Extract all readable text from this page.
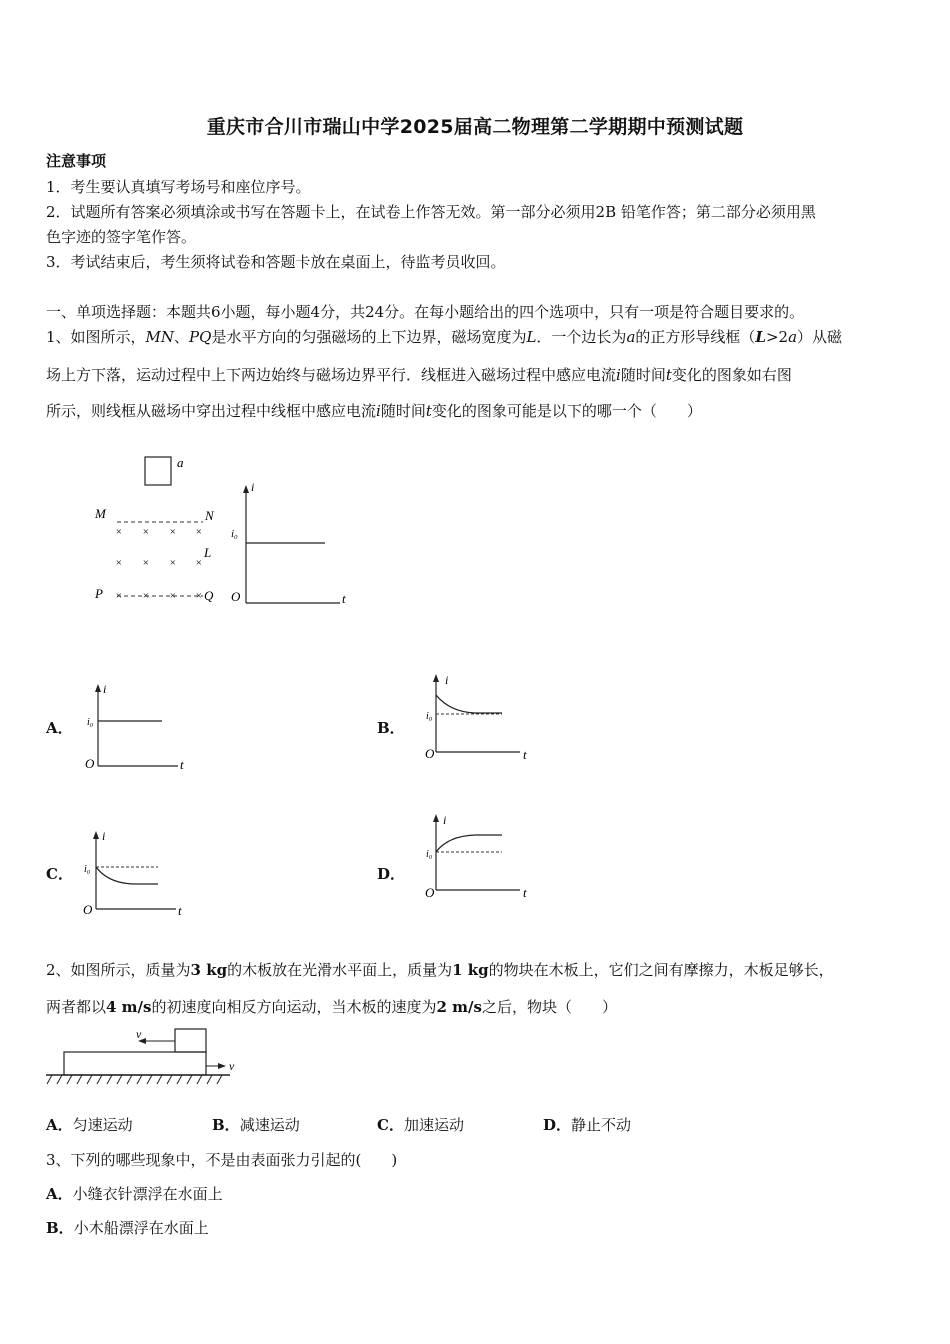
重庆市合川市瑞山中学2025届高二物理第二学期期中预测试题
注意事项
1．考生要认真填写考场号和座位序号。
2．试题所有答案必须填涂或书写在答题卡上，在试卷上作答无效。第一部分必须用2B 铅笔作答；第二部分必须用黑
色字迹的签字笔作答。
3．考试结束后，考生须将试卷和答题卡放在桌面上，待监考员收回。
一、单项选择题：本题共6小题，每小题4分，共24分。在每小题给出的四个选项中，只有一项是符合题目要求的。
1、如图所示，MN、PQ是水平方向的匀强磁场的上下边界，磁场宽度为L．一个边长为a的正方形导线框（L>2a）从磁
场上方下落，运动过程中上下两边始终与磁场边界平行．线框进入磁场过程中感应电流i随时间t变化的图象如右图
所示，则线框从磁场中穿出过程中线框中感应电流i随时间t变化的图象可能是以下的哪一个（　　）
a
M	N
× × × ×
× × × ×
× × × ×
L
P	Q
i
i₀
O	t
A．
i
i₀
O	t
B．
i
i₀
O	t
C．
i
i₀
O	t
D．
i
i₀
O	t
2、如图所示，质量为3 kg的木板放在光滑水平面上，质量为1 kg的物块在木板上，它们之间有摩擦力，木板足够长，
两者都以4 m/s的初速度向相反方向运动，当木板的速度为2 m/s之后，物块（　　）
v
v
A．匀速运动	B．减速运动	C．加速运动	D．静止不动
3、下列的哪些现象中，不是由表面张力引起的(　　)
A．小缝衣针漂浮在水面上
B．小木船漂浮在水面上
